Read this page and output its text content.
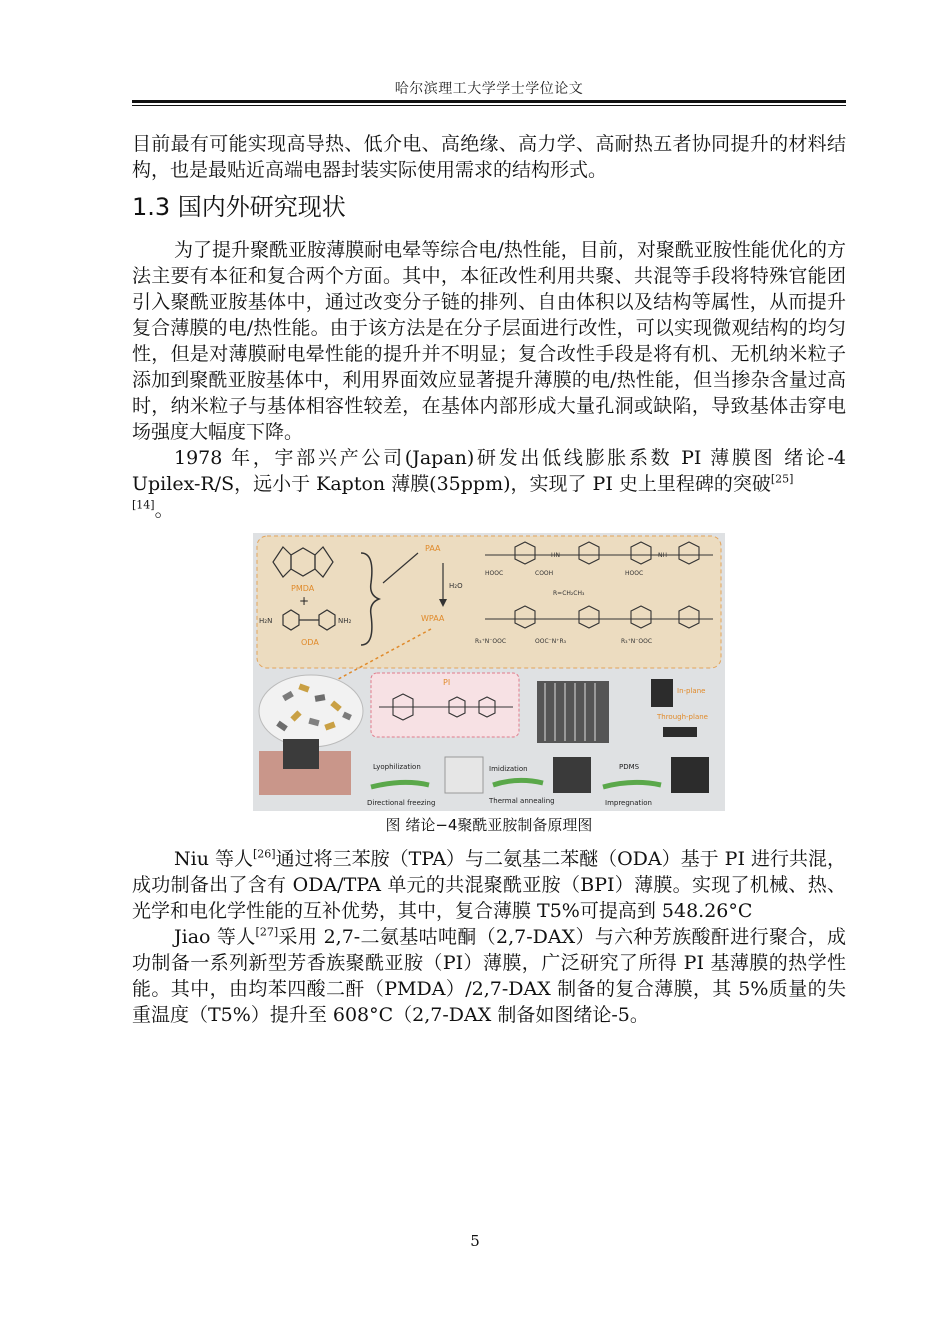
哈尔滨理工大学学士学位论文

目前最有可能实现高导热、低介电、高绝缘、高力学、高耐热五者协同提升的材料结构，也是最贴近高端电器封装实际使用需求的结构形式。

1.3 国内外研究现状

为了提升聚酰亚胺薄膜耐电晕等综合电/热性能，目前，对聚酰亚胺性能优化的方法主要有本征和复合两个方面。其中，本征改性利用共聚、共混等手段将特殊官能团引入聚酰亚胺基体中，通过改变分子链的排列、自由体积以及结构等属性，从而提升复合薄膜的电/热性能。由于该方法是在分子层面进行改性，可以实现微观结构的均匀性，但是对薄膜耐电晕性能的提升并不明显；复合改性手段是将有机、无机纳米粒子添加到聚酰亚胺基体中，利用界面效应显著提升薄膜的电/热性能，但当掺杂含量过高时，纳米粒子与基体相容性较差，在基体内部形成大量孔洞或缺陷，导致基体击穿电场强度大幅度下降。

1978 年，宇部兴产公司(Japan)研发出低线膨胀系数 PI 薄膜图 绪论-4 Upilex-R/S，远小于 Kapton 薄膜(35ppm)，实现了 PI 史上里程碑的突破[25]
[14]。

PMDA
+
H₂N	NH₂
ODA
PAA
H₂O
WPAA
HOOC	COOH
HN	NH
HOOC
R=CH₂CH₃
R₃⁺N⁻OOC	OOC⁻N⁺R₃	R₃⁺N⁻OOC
PI
In-plane
Through-plane
Lyophilization	Imidization	PDMS
Directional freezing	Thermal annealing	Impregnation
图 绪论−4聚酰亚胺制备原理图

Niu 等人[26]通过将三苯胺（TPA）与二氨基二苯醚（ODA）基于 PI 进行共混，成功制备出了含有 ODA/TPA 单元的共混聚酰亚胺（BPI）薄膜。实现了机械、热、光学和电化学性能的互补优势，其中，复合薄膜 T5%可提高到 548.26°C

Jiao 等人[27]采用 2,7-二氨基咕吨酮（2,7-DAX）与六种芳族酸酐进行聚合，成功制备一系列新型芳香族聚酰亚胺（PI）薄膜，广泛研究了所得 PI 基薄膜的热学性能。其中，由均苯四酸二酐（PMDA）/2,7-DAX 制备的复合薄膜，其 5%质量的失重温度（T5%）提升至 608°C（2,7-DAX 制备如图绪论-5。

5
